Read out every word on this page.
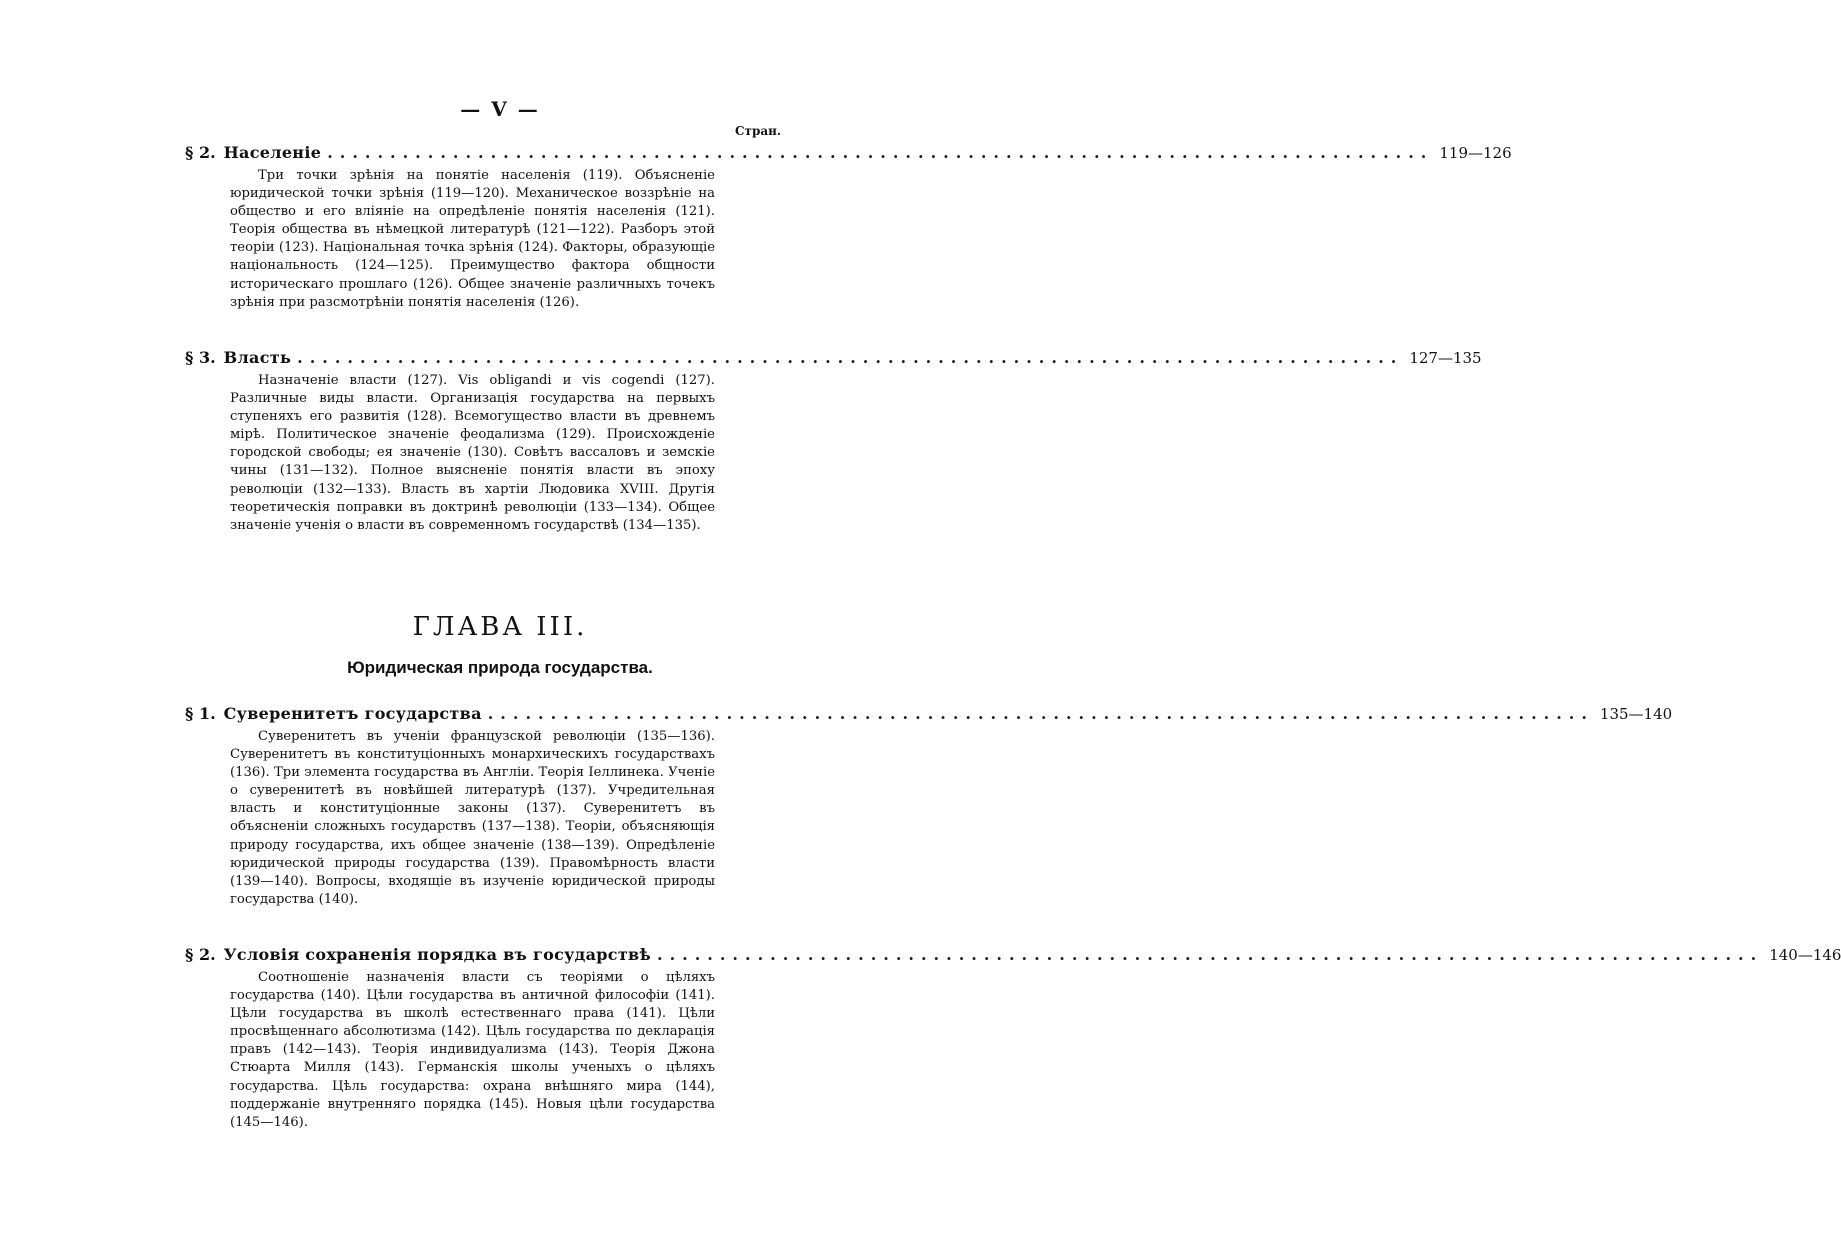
— V —
Стран.
§ 2. Населеніе ........................................................................................ 119—126
Три точки зрѣнія на понятіе населенія (119). Объясненіе юридической точки зрѣнія (119—120). Механическое воззрѣніе на общество и его вліяніе на опредѣленіе понятія населенія (121). Теорія общества въ нѣмецкой литературѣ (121—122). Разборъ этой теоріи (123). Національная точка зрѣнія (124). Факторы, образующіе національность (124—125). Преимущество фактора общности историческаго прошлаго (126). Общее значеніе различныхъ точекъ зрѣнія при разсмотрѣніи понятія населенія (126).
§ 3. Власть ........................................................................................ 127—135
Назначеніе власти (127). Vis obligandi и vis cogendi (127). Различные виды власти. Организація государства на первыхъ ступеняхъ его развитія (128). Всемогущество власти въ древнемъ мірѣ. Политическое значеніе феодализма (129). Происхожденіе городской свободы; ея значеніе (130). Совѣтъ вассаловъ и земскіе чины (131—132). Полное выясненіе понятія власти въ эпоху революціи (132—133). Власть въ хартіи Людовика XVIII. Другія теоретическія поправки въ доктринѣ революціи (133—134). Общее значеніе ученія о власти въ современномъ государствѣ (134—135).
ГЛАВА III.
Юридическая природа государства.
§ 1. Суверенитетъ государства ........................................................................................ 135—140
Суверенитетъ въ ученіи французской революціи (135—136). Суверенитетъ въ конституціонныхъ монархическихъ государствахъ (136). Три элемента государства въ Англіи. Теорія Іеллинека. Ученіе о суверенитетѣ въ новѣйшей литературѣ (137). Учредительная власть и конституціонные законы (137). Суверенитетъ въ объясненіи сложныхъ государствъ (137—138). Теоріи, объясняющія природу государства, ихъ общее значеніе (138—139). Опредѣленіе юридической природы государства (139). Правомѣрность власти (139—140). Вопросы, входящіе въ изученіе юридической природы государства (140).
§ 2. Условія сохраненія порядка въ государствѣ ........................................................................................ 140—146
Соотношеніе назначенія власти съ теоріями о цѣляхъ государства (140). Цѣли государства въ античной философіи (141). Цѣли государства въ школѣ естественнаго права (141). Цѣли просвѣщеннаго абсолютизма (142). Цѣль государства по декларація правъ (142—143). Теорія индивидуализма (143). Теорія Джона Стюарта Милля (143). Германскія школы ученыхъ о цѣляхъ государства. Цѣль государства: охрана внѣшняго мира (144), поддержаніе внутренняго порядка (145). Новыя цѣли государства (145—146).
